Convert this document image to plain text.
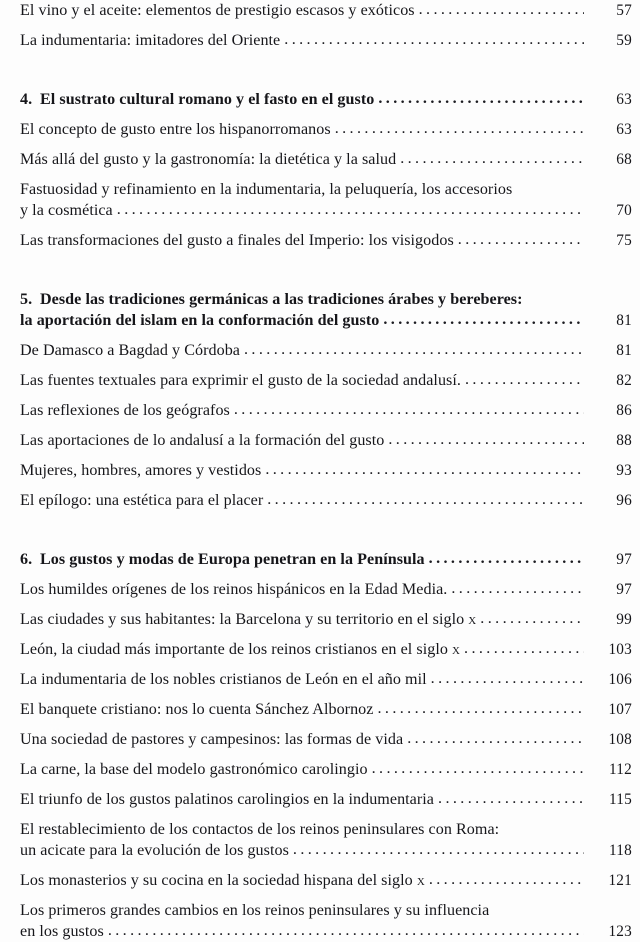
El vino y el aceite: elementos de prestigio escasos y exóticos .....	57
La indumentaria: imitadores del Oriente .....	59
4. El sustrato cultural romano y el fasto en el gusto .....	63
El concepto de gusto entre los hispanorromanos .....	63
Más allá del gusto y la gastronomía: la dietética y la salud .....	68
Fastuosidad y refinamiento en la indumentaria, la peluquería, los accesorios
y la cosmética .....	70
Las transformaciones del gusto a finales del Imperio: los visigodos .....	75
5. Desde las tradiciones germánicas a las tradiciones árabes y bereberes:
la aportación del islam en la conformación del gusto .....	81
De Damasco a Bagdad y Córdoba .....	81
Las fuentes textuales para exprimir el gusto de la sociedad andalusí. .....	82
Las reflexiones de los geógrafos .....	86
Las aportaciones de lo andalusí a la formación del gusto .....	88
Mujeres, hombres, amores y vestidos .....	93
El epílogo: una estética para el placer .....	96
6. Los gustos y modas de Europa penetran en la Península .....	97
Los humildes orígenes de los reinos hispánicos en la Edad Media. .....	97
Las ciudades y sus habitantes: la Barcelona y su territorio en el siglo x .....	99
León, la ciudad más importante de los reinos cristianos en el siglo x .....	103
La indumentaria de los nobles cristianos de León en el año mil .....	106
El banquete cristiano: nos lo cuenta Sánchez Albornoz .....	107
Una sociedad de pastores y campesinos: las formas de vida .....	108
La carne, la base del modelo gastronómico carolingio .....	112
El triunfo de los gustos palatinos carolingios en la indumentaria .....	115
El restablecimiento de los contactos de los reinos peninsulares con Roma:
un acicate para la evolución de los gustos .....	118
Los monasterios y su cocina en la sociedad hispana del siglo x .....	121
Los primeros grandes cambios en los reinos peninsulares y su influencia
en los gustos .....	123
